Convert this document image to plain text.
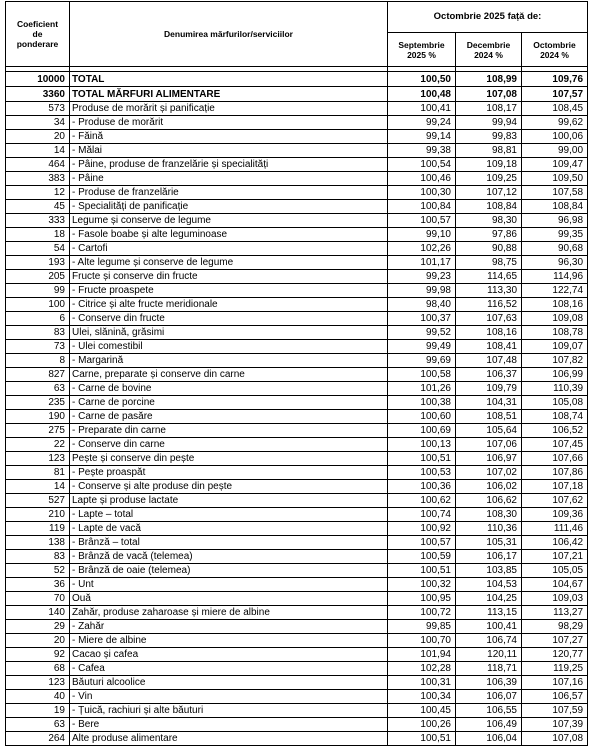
Coeficient de ponderare	Denumirea mărfurilor/serviciilor	Octombrie 2025 față de:		
		Septembrie 2025 %	Decembrie 2024 %	Octombrie 2024 %

10000	TOTAL	100,50	108,99	109,76
3360	TOTAL MĂRFURI ALIMENTARE	100,48	107,08	107,57
573	Produse de morărit și panificație	100,41	108,17	108,45
34	- Produse de morărit	99,24	99,94	99,62
20	- Făină	99,14	99,83	100,06
14	- Mălai	99,38	98,81	99,00
464	- Pâine, produse de franzelărie și specialități	100,54	109,18	109,47
383	- Pâine	100,46	109,25	109,50
12	- Produse de franzelărie	100,30	107,12	107,58
45	- Specialități de panificație	100,84	108,84	108,84
333	Legume și conserve de legume	100,57	98,30	96,98
18	- Fasole boabe și alte leguminoase	99,10	97,86	99,35
54	- Cartofi	102,26	90,88	90,68
193	- Alte legume și conserve de legume	101,17	98,75	96,30
205	Fructe și conserve din fructe	99,23	114,65	114,96
99	- Fructe proaspete	99,98	113,30	122,74
100	- Citrice și alte fructe meridionale	98,40	116,52	108,16
6	- Conserve din fructe	100,37	107,63	109,08
83	Ulei, slănină, grăsimi	99,52	108,16	108,78
73	- Ulei comestibil	99,49	108,41	109,07
8	- Margarină	99,69	107,48	107,82
827	Carne, preparate și conserve din carne	100,58	106,37	106,99
63	- Carne de bovine	101,26	109,79	110,39
235	- Carne de porcine	100,38	104,31	105,08
190	- Carne de pasăre	100,60	108,51	108,74
275	- Preparate din carne	100,69	105,64	106,52
22	- Conserve din carne	100,13	107,06	107,45
123	Pește și conserve din pește	100,51	106,97	107,66
81	- Pește proaspăt	100,53	107,02	107,86
14	- Conserve și alte produse din pește	100,36	106,02	107,18
527	Lapte și produse lactate	100,62	106,62	107,62
210	- Lapte – total	100,74	108,30	109,36
119	- Lapte de vacă	100,92	110,36	111,46
138	- Brânză – total	100,57	105,31	106,42
83	- Brânză de vacă (telemea)	100,59	106,17	107,21
52	- Brânză de oaie (telemea)	100,51	103,85	105,05
36	- Unt	100,32	104,53	104,67
70	Ouă	100,95	104,25	109,03
140	Zahăr, produse zaharoase și miere de albine	100,72	113,15	113,27
29	- Zahăr	99,85	100,41	98,29
20	- Miere de albine	100,70	106,74	107,27
92	Cacao și cafea	101,94	120,11	120,77
68	- Cafea	102,28	118,71	119,25
123	Băuturi alcoolice	100,31	106,39	107,16
40	- Vin	100,34	106,07	106,57
19	- Țuică, rachiuri și alte băuturi	100,45	106,55	107,59
63	- Bere	100,26	106,49	107,39
264	Alte produse alimentare	100,51	106,04	107,08
